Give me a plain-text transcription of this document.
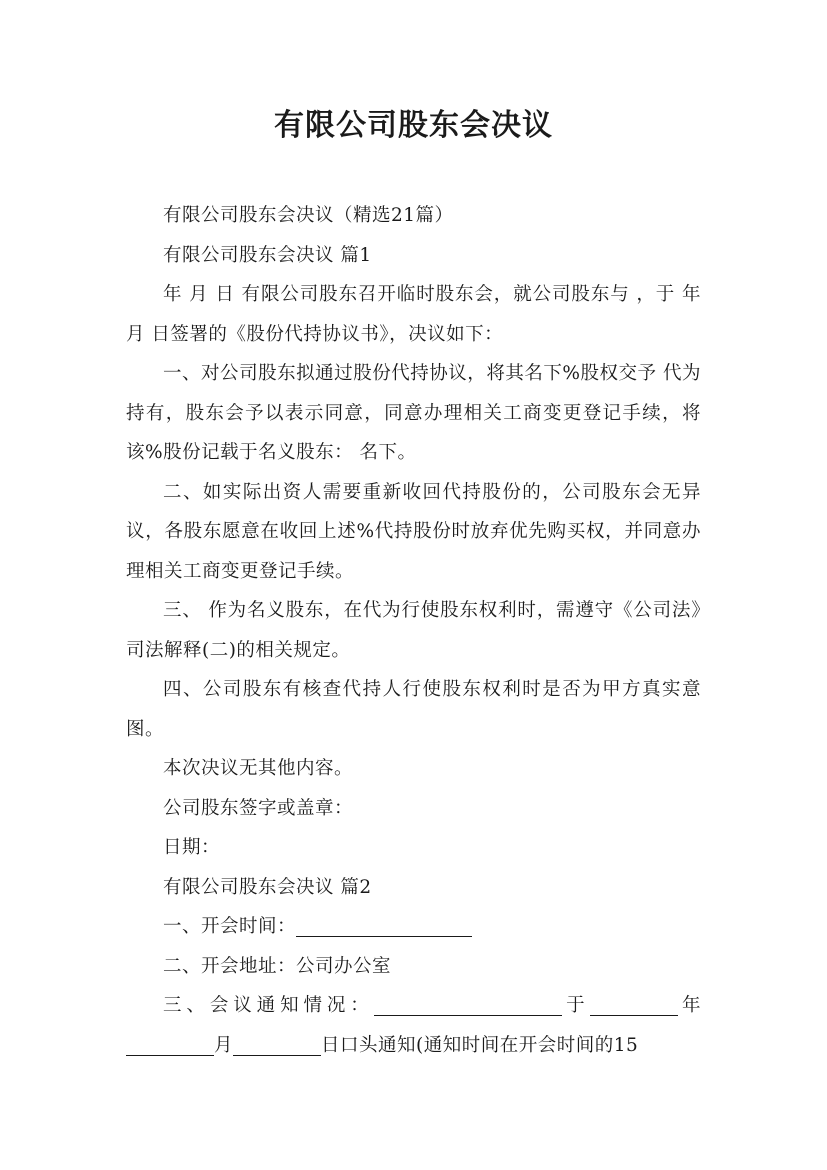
有限公司股东会决议

有限公司股东会决议（精选21篇）

有限公司股东会决议 篇1

年 月 日 有限公司股东召开临时股东会，就公司股东与 ，于 年 月 日签署的《股份代持协议书》，决议如下：

一、对公司股东拟通过股份代持协议，将其名下%股权交予 代为持有，股东会予以表示同意，同意办理相关工商变更登记手续，将该%股份记载于名义股东： 名下。

二、如实际出资人需要重新收回代持股份的，公司股东会无异议，各股东愿意在收回上述%代持股份时放弃优先购买权，并同意办理相关工商变更登记手续。

三、 作为名义股东，在代为行使股东权利时，需遵守《公司法》司法解释(二)的相关规定。

四、公司股东有核查代持人行使股东权利时是否为甲方真实意图。

本次决议无其他内容。

公司股东签字或盖章：

日期：

有限公司股东会决议 篇2

一、开会时间：

二、开会地址：公司办公室

三、会议通知情况：	于	年月	日口头通知(通知时间在开会时间的15
